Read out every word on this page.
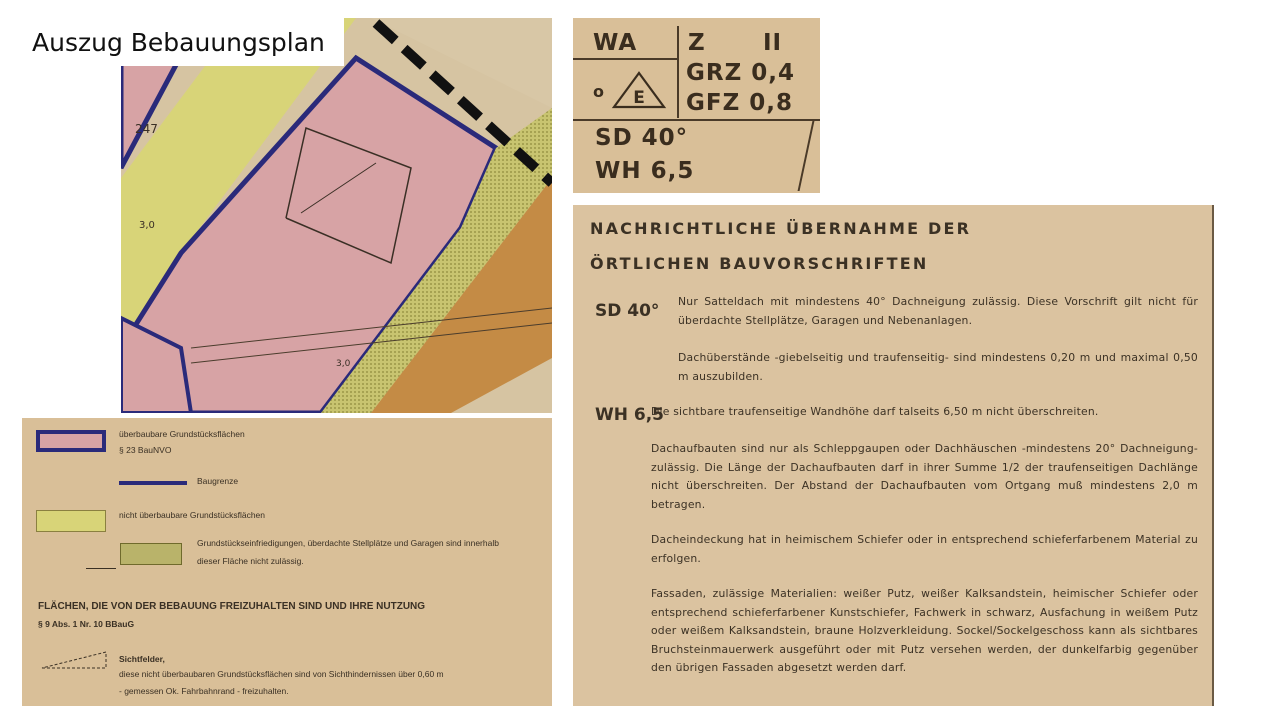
Auszug Bebauungsplan
247
3,0
3,0
WA Z II
o E
GRZ 0,4
GFZ 0,8
SD 40°
WH 6,5
überbaubare Grundstücksflächen
§ 23 BauNVO
Baugrenze
nicht überbaubare Grundstücksflächen
Grundstückseinfriedigungen, überdachte Stellplätze und Garagen sind innerhalb
dieser Fläche nicht zulässig.
FLÄCHEN, DIE VON DER BEBAUUNG FREIZUHALTEN SIND UND IHRE NUTZUNG
§ 9 Abs. 1 Nr. 10 BBauG
Sichtfelder,
diese nicht überbaubaren Grundstücksflächen sind von Sichthindernissen über 0,60 m
- gemessen Ok. Fahrbahnrand - freizuhalten.
NACHRICHTLICHE ÜBERNAHME DER
ÖRTLICHEN BAUVORSCHRIFTEN
SD 40° Nur Satteldach mit mindestens 40° Dachneigung zulässig. Diese Vorschrift gilt nicht für überdachte Stellplätze, Garagen und Nebenanlagen.

Dachüberstände -giebelseitig und traufenseitig- sind mindestens 0,20 m und maximal 0,50 m auszubilden.

WH 6,5

Die sichtbare traufenseitige Wandhöhe darf talseits 6,50 m nicht überschreiten.

Dachaufbauten sind nur als Schleppgaupen oder Dachhäuschen -mindestens 20° Dachneigung- zulässig. Die Länge der Dachaufbauten darf in ihrer Summe 1/2 der traufenseitigen Dachlänge nicht überschreiten. Der Abstand der Dachaufbauten vom Ortgang muß mindestens 2,0 m betragen.

Dacheindeckung hat in heimischem Schiefer oder in entsprechend schieferfarbenem Material zu erfolgen.

Fassaden, zulässige Materialien: weißer Putz, weißer Kalksandstein, heimischer Schiefer oder entsprechend schieferfarbener Kunstschiefer, Fachwerk in schwarz, Ausfachung in weißem Putz oder weißem Kalksandstein, braune Holzverkleidung. Sockel/Sockelgeschoss kann als sichtbares Bruchsteinmauerwerk ausgeführt oder mit Putz versehen werden, der dunkelfarbig gegenüber den übrigen Fassaden abgesetzt werden darf.
